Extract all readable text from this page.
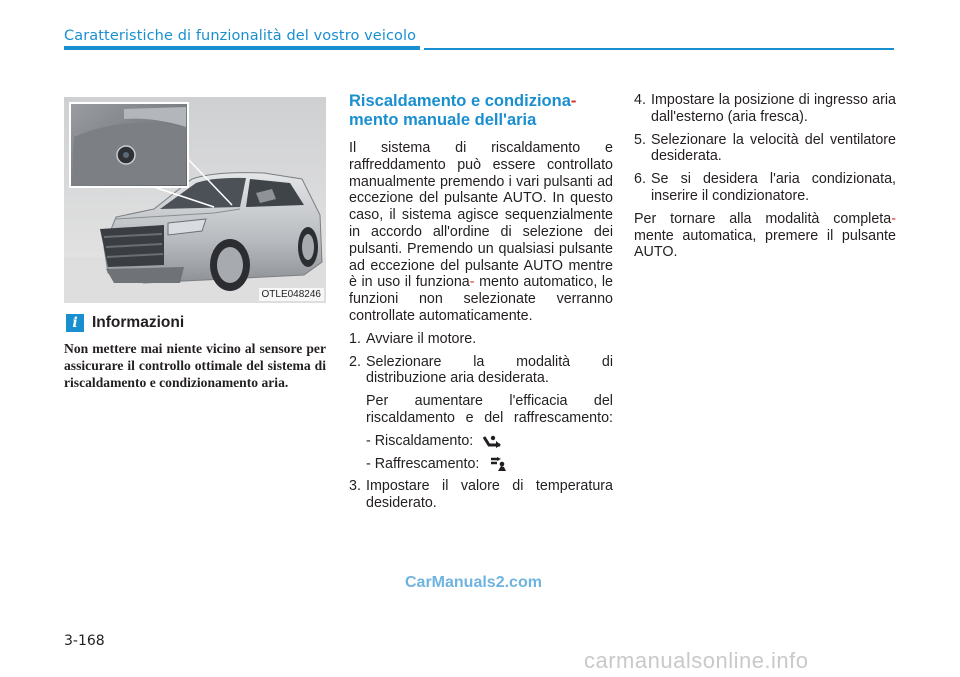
Caratteristiche di funzionalità del vostro veicolo
OTLE048246
i Informazioni
Non mettere mai niente vicino al sensore per assicurare il controllo ottimale del sistema di riscaldamento e condizionamento aria.
Riscaldamento e condiziona-
mento manuale dell'aria
Il sistema di riscaldamento e raffreddamento può essere controllato manualmente premendo i vari pulsanti ad eccezione del pulsante AUTO. In questo caso, il sistema agisce sequenzialmente in accordo all'ordine di selezione dei pulsanti. Premendo un qualsiasi pulsante ad eccezione del pulsante AUTO mentre è in uso il funziona- mento automatico, le funzioni non selezionate verranno controllate automaticamente.
1. Avviare il motore.
2. Selezionare la modalità di distribuzione aria desiderata.
Per aumentare l'efficacia del riscaldamento e del raffrescamento:
- Riscaldamento:
- Raffrescamento:
3. Impostare il valore di temperatura desiderato.
4. Impostare la posizione di ingresso aria dall'esterno (aria fresca).
5. Selezionare la velocità del ventilatore desiderata.
6. Se si desidera l'aria condizionata, inserire il condizionatore.
Per tornare alla modalità completa- mente automatica, premere il pulsante AUTO.
CarManuals2.com
3-168
carmanualsonline.info
